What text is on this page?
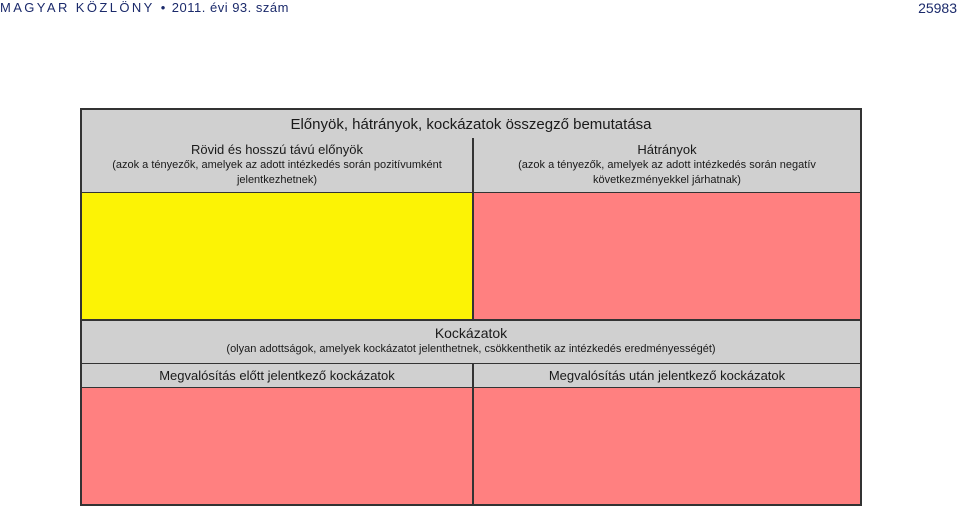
MAGYAR KÖZLÖNY • 2011. évi 93. szám	25983
Előnyök, hátrányok, kockázatok összegző bemutatása
Rövid és hosszú távú előnyök
(azok a tényezők, amelyek az adott intézkedés során pozitívumként jelentkezhetnek)
Hátrányok
(azok a tényezők, amelyek az adott intézkedés során negatív következményekkel járhatnak)
Kockázatok
(olyan adottságok, amelyek kockázatot jelenthetnek, csökkenthetik az intézkedés eredményességét)
Megvalósítás előtt jelentkező kockázatok	Megvalósítás után jelentkező kockázatok
